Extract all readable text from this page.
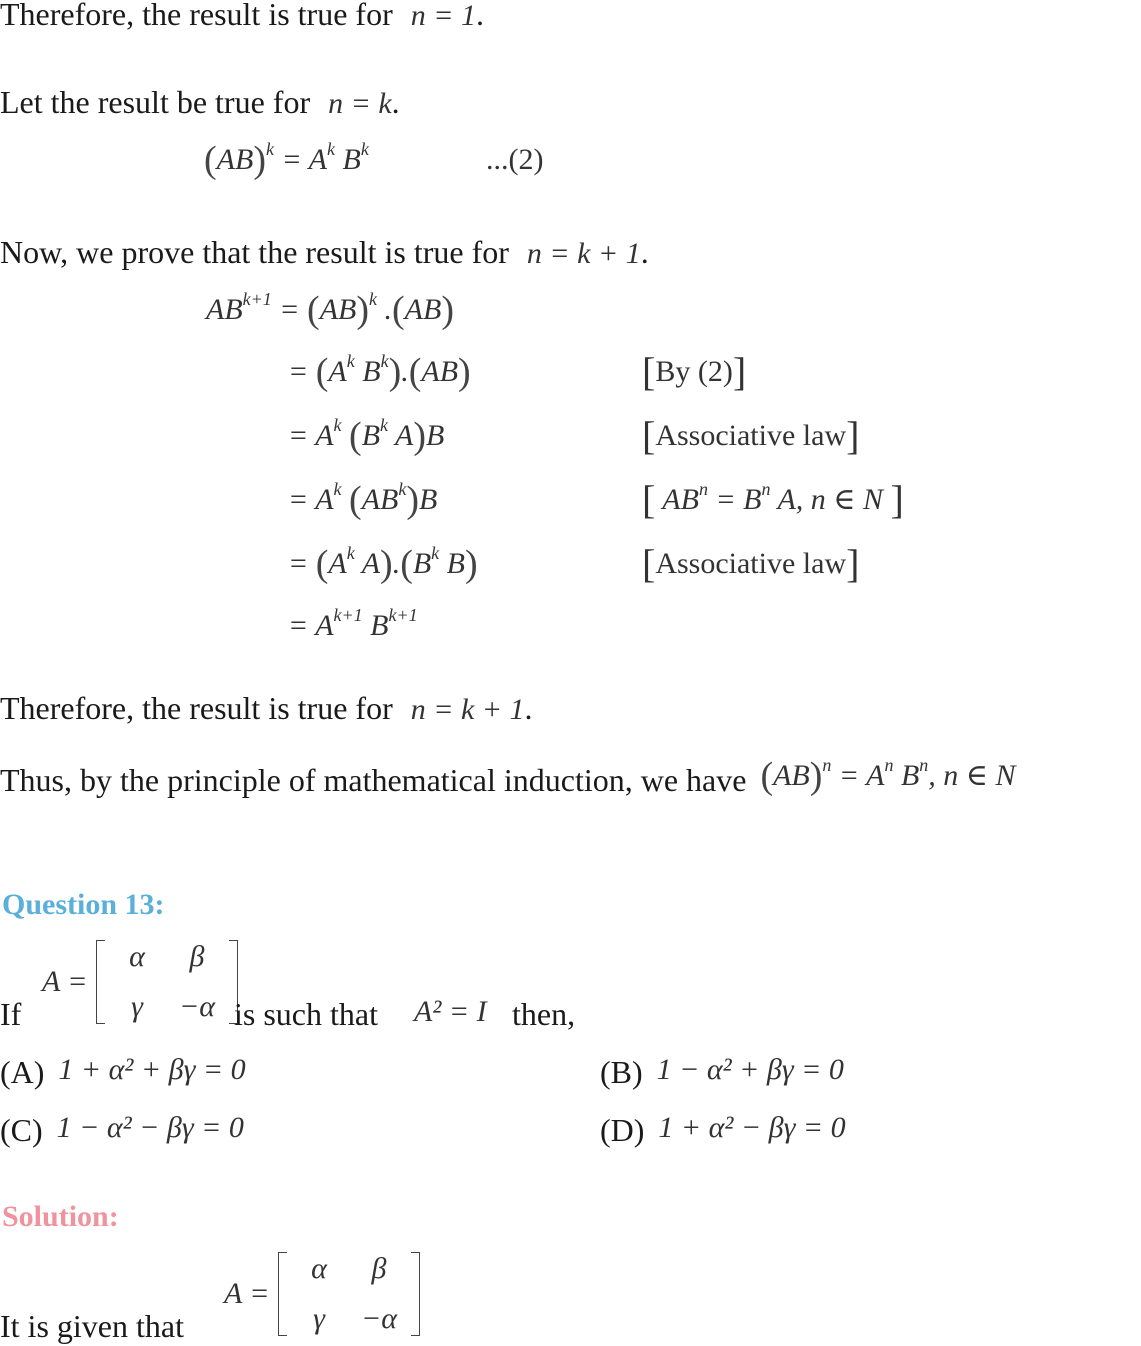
Therefore, the result is true for n = 1.
Let the result be true for n = k.
$(AB)^k = A^k$ $B^k$	...(2)
Now, we prove that the result is true for n = k + 1.
$AB^{k+1} = (AB)^k$ .(AB)
= ($A^k$ $B^k).(AB)$	[By (2)]
= $A^k$ ($B^k$ A)B	[Associative law]
= $A^k$ $(AB^k)B$	[ $AB^n = B^n$ A, n ∈ N ]
= ($A^k$ $A).(B^k$ B)	[Associative law]
= $A^{k+1}$ $B^{k+1}$
Therefore, the result is true for n = k + 1.
Thus, by the principle of mathematical induction, we have $(AB)^n = A^n$ $B^n$, n ∈ N
Question 13:
If
A =
α	β
γ	−α is such that A² = I then,
(A) 1 + α² + βγ = 0	(B) 1 − α² + βγ = 0
(C) 1 − α² − βγ = 0	(D) 1 + α² − βγ = 0
Solution:
It is given that
A =
α	β
γ	−α
